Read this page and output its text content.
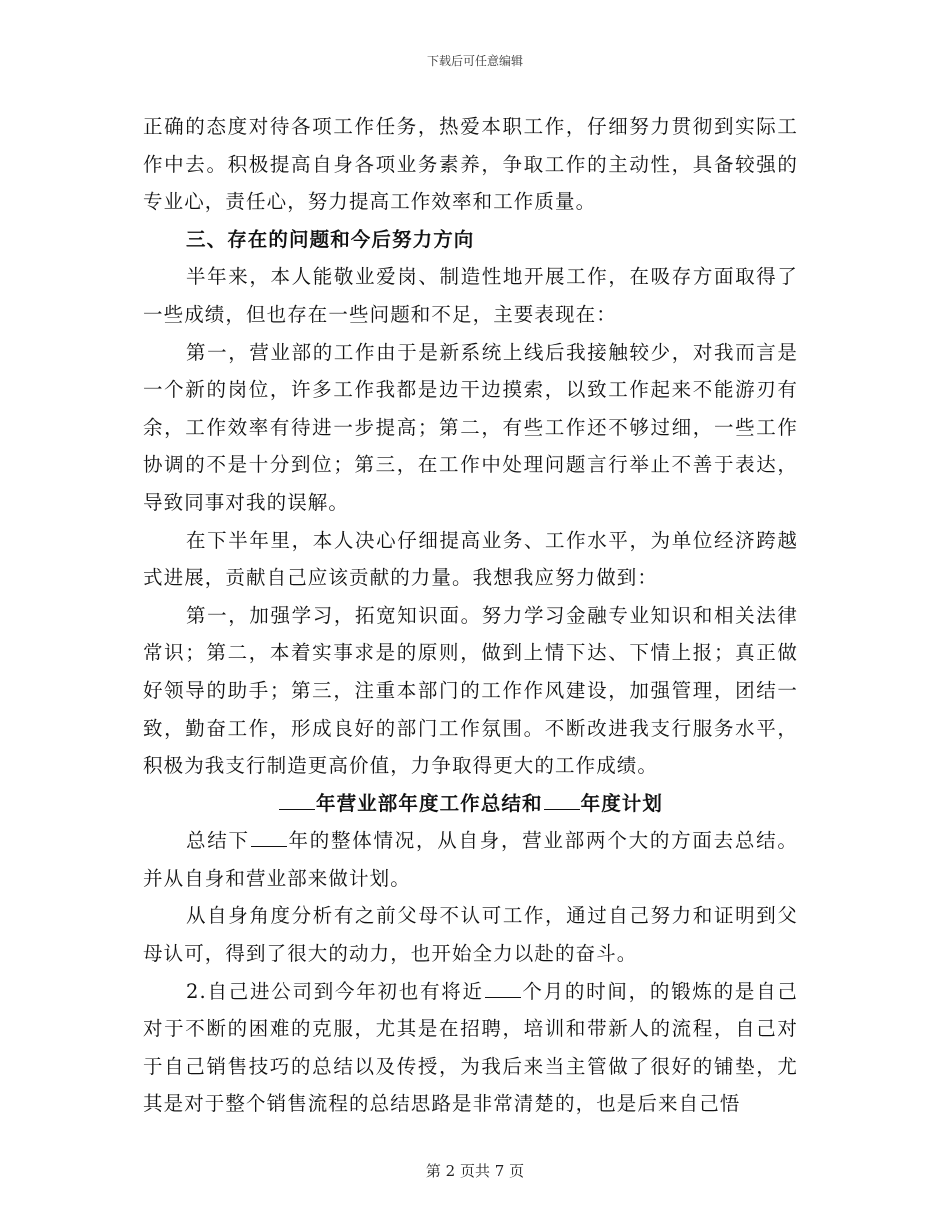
下载后可任意编辑

正确的态度对待各项工作任务，热爱本职工作，仔细努力贯彻到实际工作中去。积极提高自身各项业务素养，争取工作的主动性，具备较强的专业心，责任心，努力提高工作效率和工作质量。

三、存在的问题和今后努力方向

半年来，本人能敬业爱岗、制造性地开展工作，在吸存方面取得了一些成绩，但也存在一些问题和不足，主要表现在：

第一，营业部的工作由于是新系统上线后我接触较少，对我而言是一个新的岗位，许多工作我都是边干边摸索，以致工作起来不能游刃有余，工作效率有待进一步提高；第二，有些工作还不够过细，一些工作协调的不是十分到位；第三，在工作中处理问题言行举止不善于表达，导致同事对我的误解。

在下半年里，本人决心仔细提高业务、工作水平，为单位经济跨越式进展，贡献自己应该贡献的力量。我想我应努力做到：

第一，加强学习，拓宽知识面。努力学习金融专业知识和相关法律常识；第二，本着实事求是的原则，做到上情下达、下情上报；真正做好领导的助手；第三，注重本部门的工作作风建设，加强管理，团结一致，勤奋工作，形成良好的部门工作氛围。不断改进我支行服务水平，积极为我支行制造更高价值，力争取得更大的工作成绩。

年营业部年度工作总结和 年度计划

总结下 年的整体情况，从自身，营业部两个大的方面去总结。并从自身和营业部来做计划。

从自身角度分析有之前父母不认可工作，通过自己努力和证明到父母认可，得到了很大的动力，也开始全力以赴的奋斗。

2.自己进公司到今年初也有将近 个月的时间，的锻炼的是自己对于不断的困难的克服，尤其是在招聘，培训和带新人的流程，自己对于自己销售技巧的总结以及传授，为我后来当主管做了很好的铺垫，尤其是对于整个销售流程的总结思路是非常清楚的，也是后来自己悟

第 2 页共 7 页
